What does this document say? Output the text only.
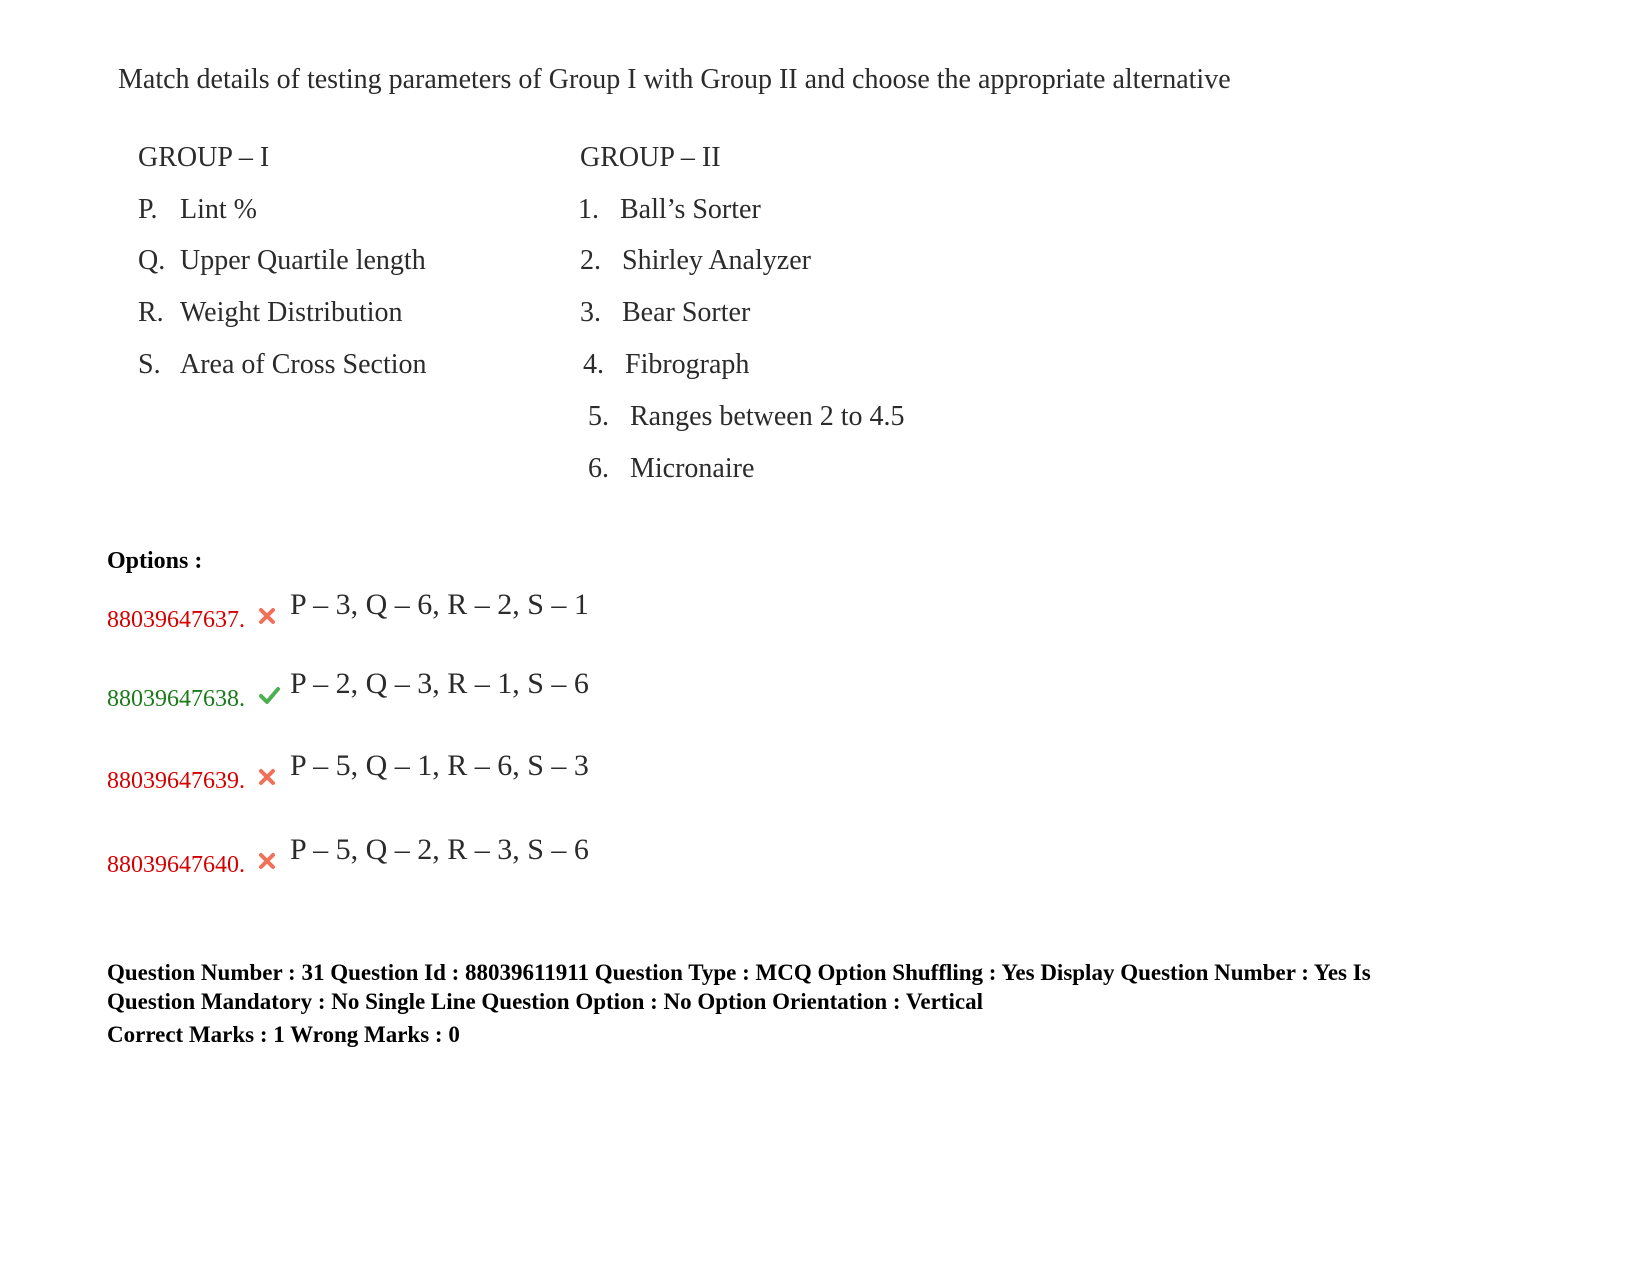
Match details of testing parameters of Group I with Group II and choose the appropriate alternative
GROUP – I	GROUP – II
P. Lint %
Q. Upper Quartile length
R. Weight Distribution
S. Area of Cross Section
1. Ball’s Sorter
2. Shirley Analyzer
3. Bear Sorter
4. Fibrograph
5. Ranges between 2 to 4.5
6. Micronaire
Options :
88039647637. P – 3, Q – 6, R – 2, S – 1
88039647638. P – 2, Q – 3, R – 1, S – 6
88039647639. P – 5, Q – 1, R – 6, S – 3
88039647640. P – 5, Q – 2, R – 3, S – 6
Question Number : 31 Question Id : 88039611911 Question Type : MCQ Option Shuffling : Yes Display Question Number : Yes Is
Question Mandatory : No Single Line Question Option : No Option Orientation : Vertical
Correct Marks : 1 Wrong Marks : 0
